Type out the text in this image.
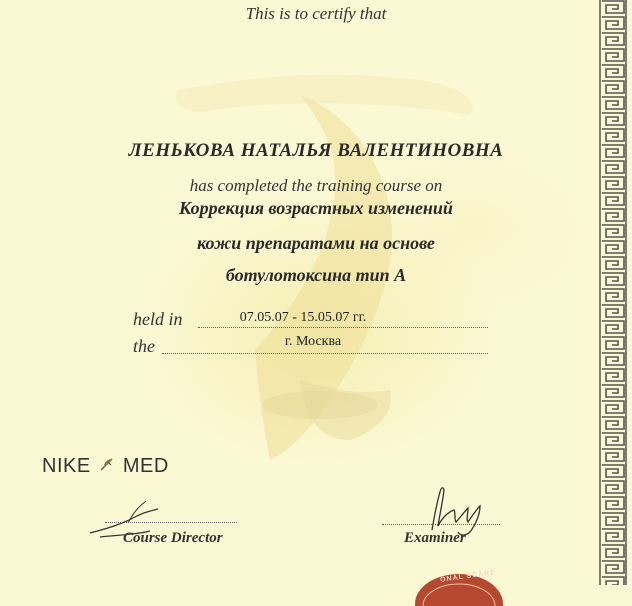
This is to certify that
ЛЕНЬКОВА НАТАЛЬЯ ВАЛЕНТИНОВНА
has completed the training course on
Коррекция возрастных изменений
кожи препаратами на основе
ботулотоксина тип А
held in	07.05.07 - 15.05.07 гг.
the	г. Москва
NIKE MED
Course Director	Examiner
ONAL SCARE
